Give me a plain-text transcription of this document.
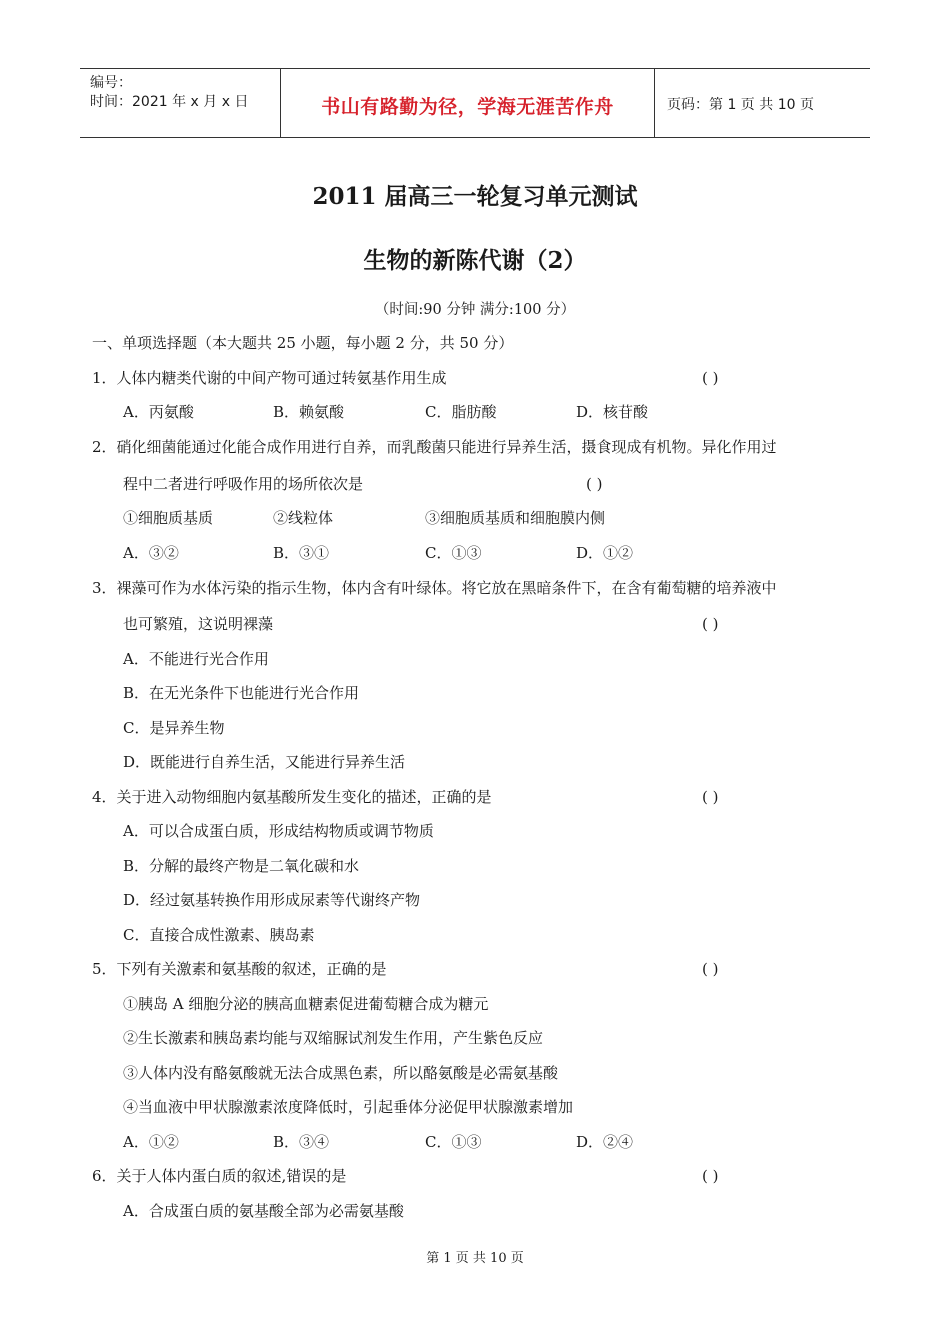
编号：
时间：2021 年 x 月 x 日	书山有路勤为径，学海无涯苦作舟	页码：第 1 页 共 10 页
2011 届高三一轮复习单元测试
生物的新陈代谢（2）
（时间:90 分钟 满分:100 分）
一、单项选择题（本大题共 25 小题，每小题 2 分，共 50 分）
1．人体内糖类代谢的中间产物可通过转氨基作用生成	( )
A．丙氨酸	B．赖氨酸	C．脂肪酸	D．核苷酸
2．硝化细菌能通过化能合成作用进行自养，而乳酸菌只能进行异养生活，摄食现成有机物。异化作用过
程中二者进行呼吸作用的场所依次是	( )
①细胞质基质	②线粒体	③细胞质基质和细胞膜内侧
A．③②	B．③①	C．①③	D．①②
3．裸藻可作为水体污染的指示生物，体内含有叶绿体。将它放在黑暗条件下，在含有葡萄糖的培养液中
也可繁殖，这说明裸藻	( )
A．不能进行光合作用
B．在无光条件下也能进行光合作用
C．是异养生物
D．既能进行自养生活，又能进行异养生活
4．关于进入动物细胞内氨基酸所发生变化的描述，正确的是	( )
A．可以合成蛋白质，形成结构物质或调节物质
B．分解的最终产物是二氧化碳和水
D．经过氨基转换作用形成尿素等代谢终产物
C．直接合成性激素、胰岛素
5．下列有关激素和氨基酸的叙述，正确的是	( )
①胰岛 A 细胞分泌的胰高血糖素促进葡萄糖合成为糖元
②生长激素和胰岛素均能与双缩脲试剂发生作用，产生紫色反应
③人体内没有酪氨酸就无法合成黑色素，所以酪氨酸是必需氨基酸
④当血液中甲状腺激素浓度降低时，引起垂体分泌促甲状腺激素增加
A．①②	B．③④	C．①③	D．②④
6．关于人体内蛋白质的叙述,错误的是	( )
A．合成蛋白质的氨基酸全部为必需氨基酸
第 1 页 共 10 页
